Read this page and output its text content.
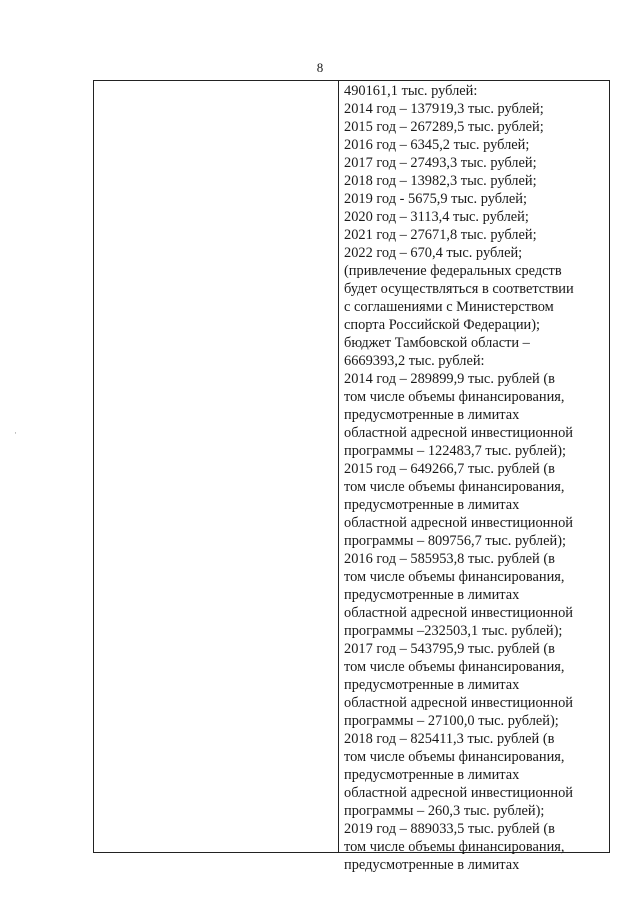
8
490161,1 тыс. рублей:
2014 год – 137919,3 тыс. рублей;
2015 год – 267289,5 тыс. рублей;
2016 год – 6345,2 тыс. рублей;
2017 год – 27493,3 тыс. рублей;
2018 год – 13982,3 тыс. рублей;
2019 год - 5675,9 тыс. рублей;
2020 год – 3113,4 тыс. рублей;
2021 год – 27671,8 тыс. рублей;
2022 год – 670,4 тыс. рублей;
(привлечение федеральных средств
будет осуществляться в соответствии
с соглашениями с Министерством
спорта Российской Федерации);
бюджет Тамбовской области –
6669393,2 тыс. рублей:
2014 год – 289899,9 тыс. рублей (в
том числе объемы финансирования,
предусмотренные в лимитах
областной адресной инвестиционной
программы – 122483,7 тыс. рублей);
2015 год – 649266,7 тыс. рублей (в
том числе объемы финансирования,
предусмотренные в лимитах
областной адресной инвестиционной
программы – 809756,7 тыс. рублей);
2016 год – 585953,8 тыс. рублей (в
том числе объемы финансирования,
предусмотренные в лимитах
областной адресной инвестиционной
программы –232503,1 тыс. рублей);
2017 год – 543795,9 тыс. рублей (в
том числе объемы финансирования,
предусмотренные в лимитах
областной адресной инвестиционной
программы – 27100,0 тыс. рублей);
2018 год – 825411,3 тыс. рублей (в
том числе объемы финансирования,
предусмотренные в лимитах
областной адресной инвестиционной
программы – 260,3 тыс. рублей);
2019 год – 889033,5 тыс. рублей (в
том числе объемы финансирования,
предусмотренные в лимитах
·
